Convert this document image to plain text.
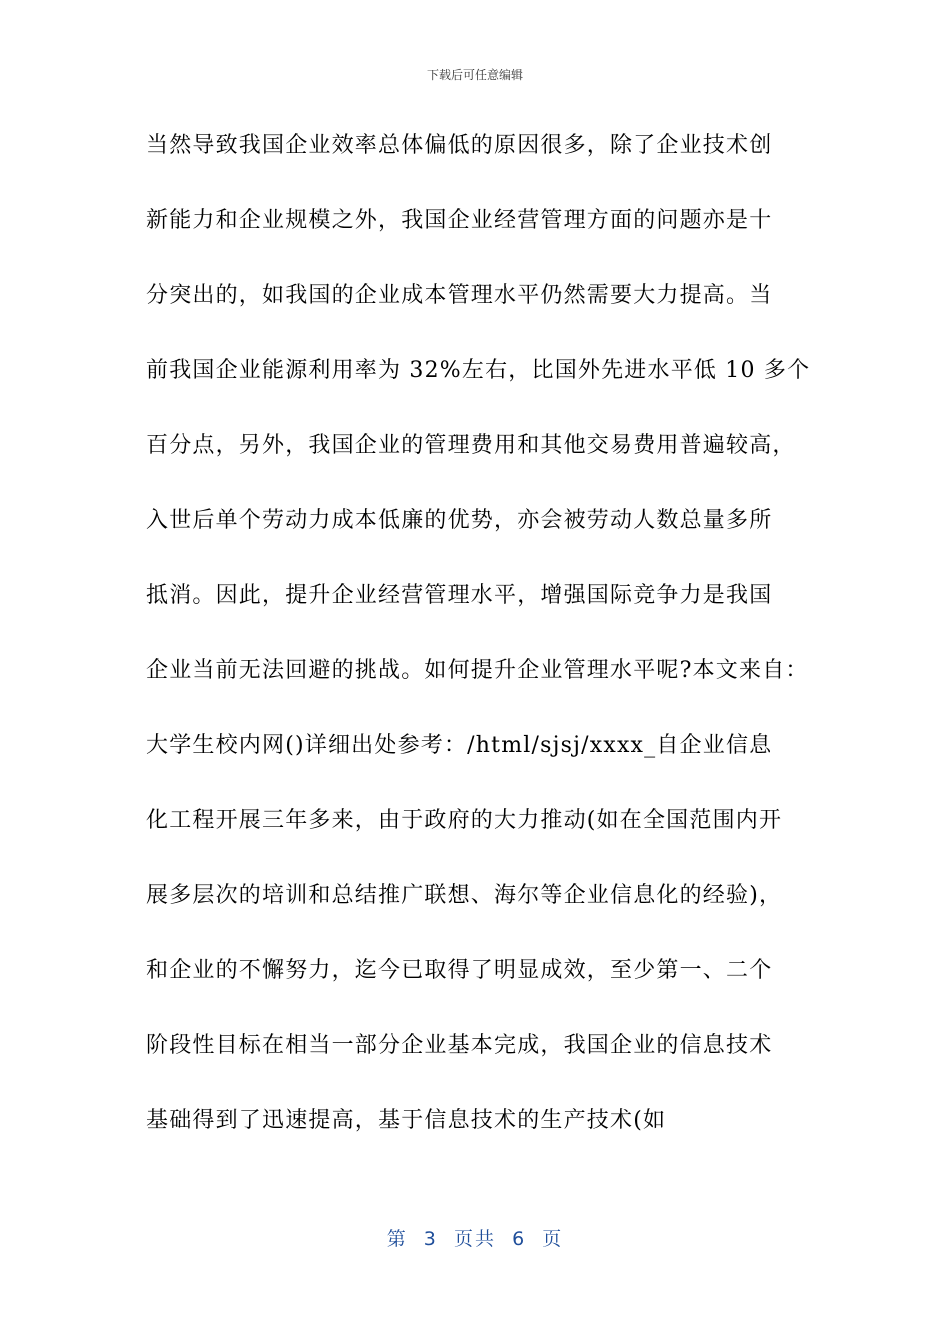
下载后可任意编辑
当然导致我国企业效率总体偏低的原因很多，除了企业技术创
新能力和企业规模之外，我国企业经营管理方面的问题亦是十
分突出的，如我国的企业成本管理水平仍然需要大力提高。当
前我国企业能源利用率为 32%左右，比国外先进水平低 10 多个
百分点，另外，我国企业的管理费用和其他交易费用普遍较高，
入世后单个劳动力成本低廉的优势，亦会被劳动人数总量多所
抵消。因此，提升企业经营管理水平，增强国际竞争力是我国
企业当前无法回避的挑战。如何提升企业管理水平呢?本文来自：
大学生校内网()详细出处参考：/html/sjsj/xxxx_自企业信息
化工程开展三年多来，由于政府的大力推动(如在全国范围内开
展多层次的培训和总结推广联想、海尔等企业信息化的经验)，
和企业的不懈努力，迄今已取得了明显成效，至少第一、二个
阶段性目标在相当一部分企业基本完成，我国企业的信息技术
基础得到了迅速提高，基于信息技术的生产技术(如
第 3 页共 6 页
